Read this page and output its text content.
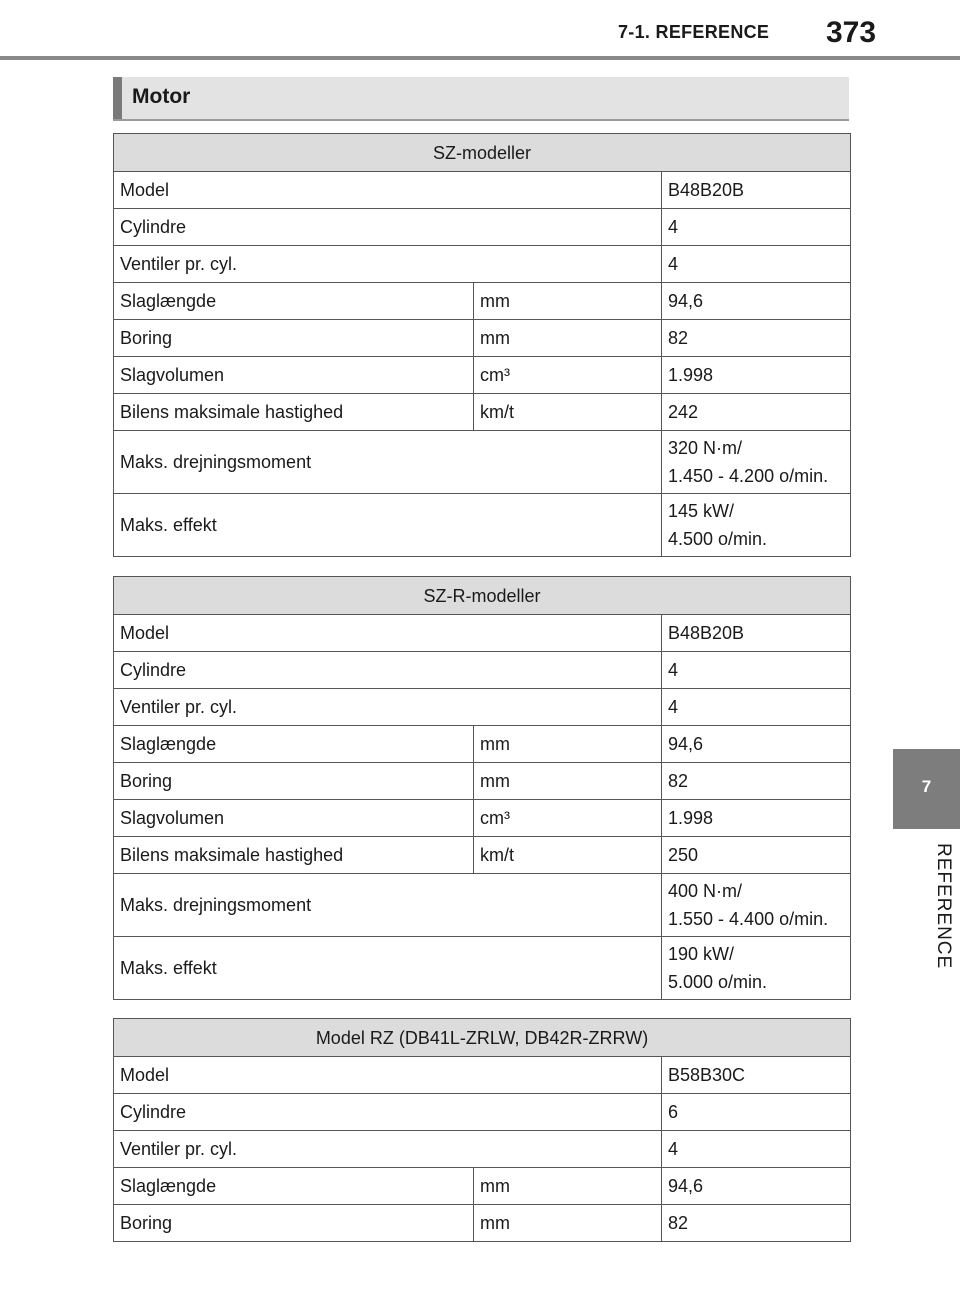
7-1. REFERENCE 373
Motor
SZ-modeller		
Model		B48B20B
Cylindre		4
Ventiler pr. cyl.		4
Slaglængde	mm	94,6
Boring	mm	82
Slagvolumen	cm³	1.998
Bilens maksimale hastighed	km/t	242
Maks. drejningsmoment		320 N·m/
1.450 - 4.200 o/min.

Maks. effekt		145 kW/
4.500 o/min.
SZ-R-modeller		
Model		B48B20B
Cylindre		4
Ventiler pr. cyl.		4
Slaglængde	mm	94,6
Boring	mm	82
Slagvolumen	cm³	1.998
Bilens maksimale hastighed	km/t	250
Maks. drejningsmoment		400 N·m/
1.550 - 4.400 o/min.

Maks. effekt		190 kW/
5.000 o/min.
Model RZ (DB41L-ZRLW, DB42R-ZRRW)		
Model		B58B30C
Cylindre		6
Ventiler pr. cyl.		4
Slaglængde	mm	94,6
Boring	mm	82
7
REFERENCE
